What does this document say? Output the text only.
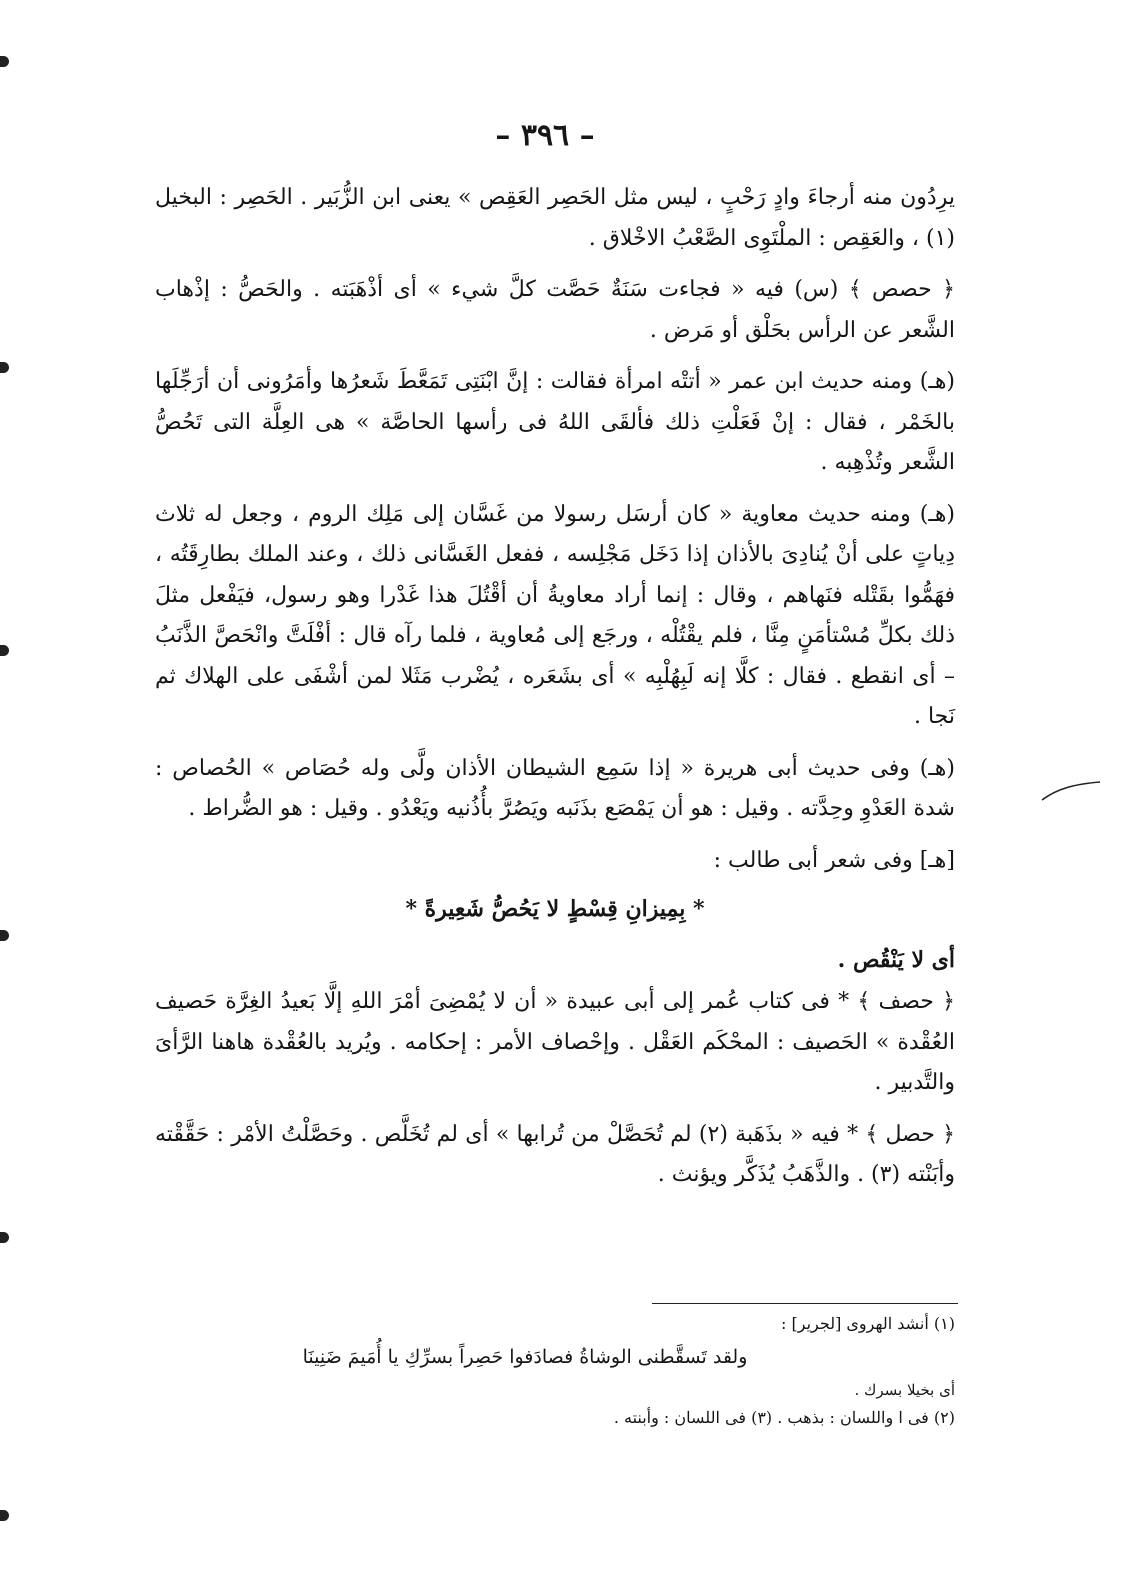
– ٣٩٦ –

يرِدُون منه أرجاءَ وادٍ رَحْبٍ ، ليس مثل الحَصِر العَقِص » يعنى ابن الزُّبَير . الحَصِر : البخيل (١) ، والعَقِص : الملْتَوِى الصَّعْبُ الاخْلاق .

﴿ حصص ﴾ (س) فيه « فجاءت سَنَةٌ حَصَّت كلَّ شيء » أى أذْهَبَته . والحَصُّ : إذْهاب الشَّعر عن الرأس بحَلْق أو مَرض .

(هـ) ومنه حديث ابن عمر « أتتْه امرأة فقالت : إنَّ ابْنَتِى تَمَعَّطَ شَعرُها وأمَرُونى أن أرَجِّلَها بالخَمْر ، فقال : إنْ فَعَلْتِ ذلك فألقَى اللهُ فى رأسها الحاصَّة » هى العِلَّة التى تَحُصُّ الشَّعر وتُذْهِبه .

(هـ) ومنه حديث معاوية « كان أرسَل رسولا من غَسَّان إلى مَلِك الروم ، وجعل له ثلاث دِياتٍ على أنْ يُنادِىَ بالأذان إذا دَخَل مَجْلِسه ، ففعل الغَسَّانى ذلك ، وعند الملك بطارِقَتُه ، فهَمُّوا بقَتْله فنَهاهم ، وقال : إنما أراد معاويةُ أن أقْتُلَ هذا غَدْرا وهو رسول، فيَفْعل مثلَ ذلك بكلِّ مُسْتأمَنٍ مِنَّا ، فلم يقْتُلْه ، ورجَع إلى مُعاوية ، فلما رآه قال : أفْلَتَّ وانْحَصَّ الذَّنَبُ – أى انقطع . فقال : كلَّا إنه لَبِهُلْبِه » أى بشَعَره ، يُضْرب مَثَلا لمن أشْفَى على الهلاك ثم نَجا .

(هـ) وفى حديث أبى هريرة « إذا سَمِع الشيطان الأذان ولَّى وله حُصَاص » الحُصاص : شدة العَدْوِ وحِدَّته . وقيل : هو أن يَمْصَع بذَنَبه ويَصُرَّ بأُذُنيه ويَعْدُو . وقيل : هو الضُّراط .

[هـ] وفى شعر أبى طالب :

* بِمِيزانِ قِسْطٍ لا يَحُصُّ شَعِيرةً *

أى لا يَنْقُص .

﴿ حصف ﴾ * فى كتاب عُمر إلى أبى عبيدة « أن لا يُمْضِىَ أمْرَ اللهِ إلَّا بَعيدُ الغِرَّة حَصيف العُقْدة » الحَصيف : المحْكَم العَقْل . وإحْصاف الأمر : إحكامه . ويُريد بالعُقْدة هاهنا الرَّأىَ والتَّدبير .

﴿ حصل ﴾ * فيه « بذَهَبة (٢) لم تُحَصَّلْ من تُرابها » أى لم تُخَلَّص . وحَصَّلْتُ الأمْر : حَقَّقْته وأبَنْته (٣) . والذَّهَبُ يُذَكَّر ويؤنث .

(١) أنشد الهروى [لجرير] :

ولقد تَسقَّطنى الوشاةُ فصادَفوا حَصِراً بسرِّكِ يا أُمَيمَ ضَنِينَا

أى بخيلا بسرك .

(٢) فى ا واللسان : بذهب . (٣) فى اللسان : وأبنته .
